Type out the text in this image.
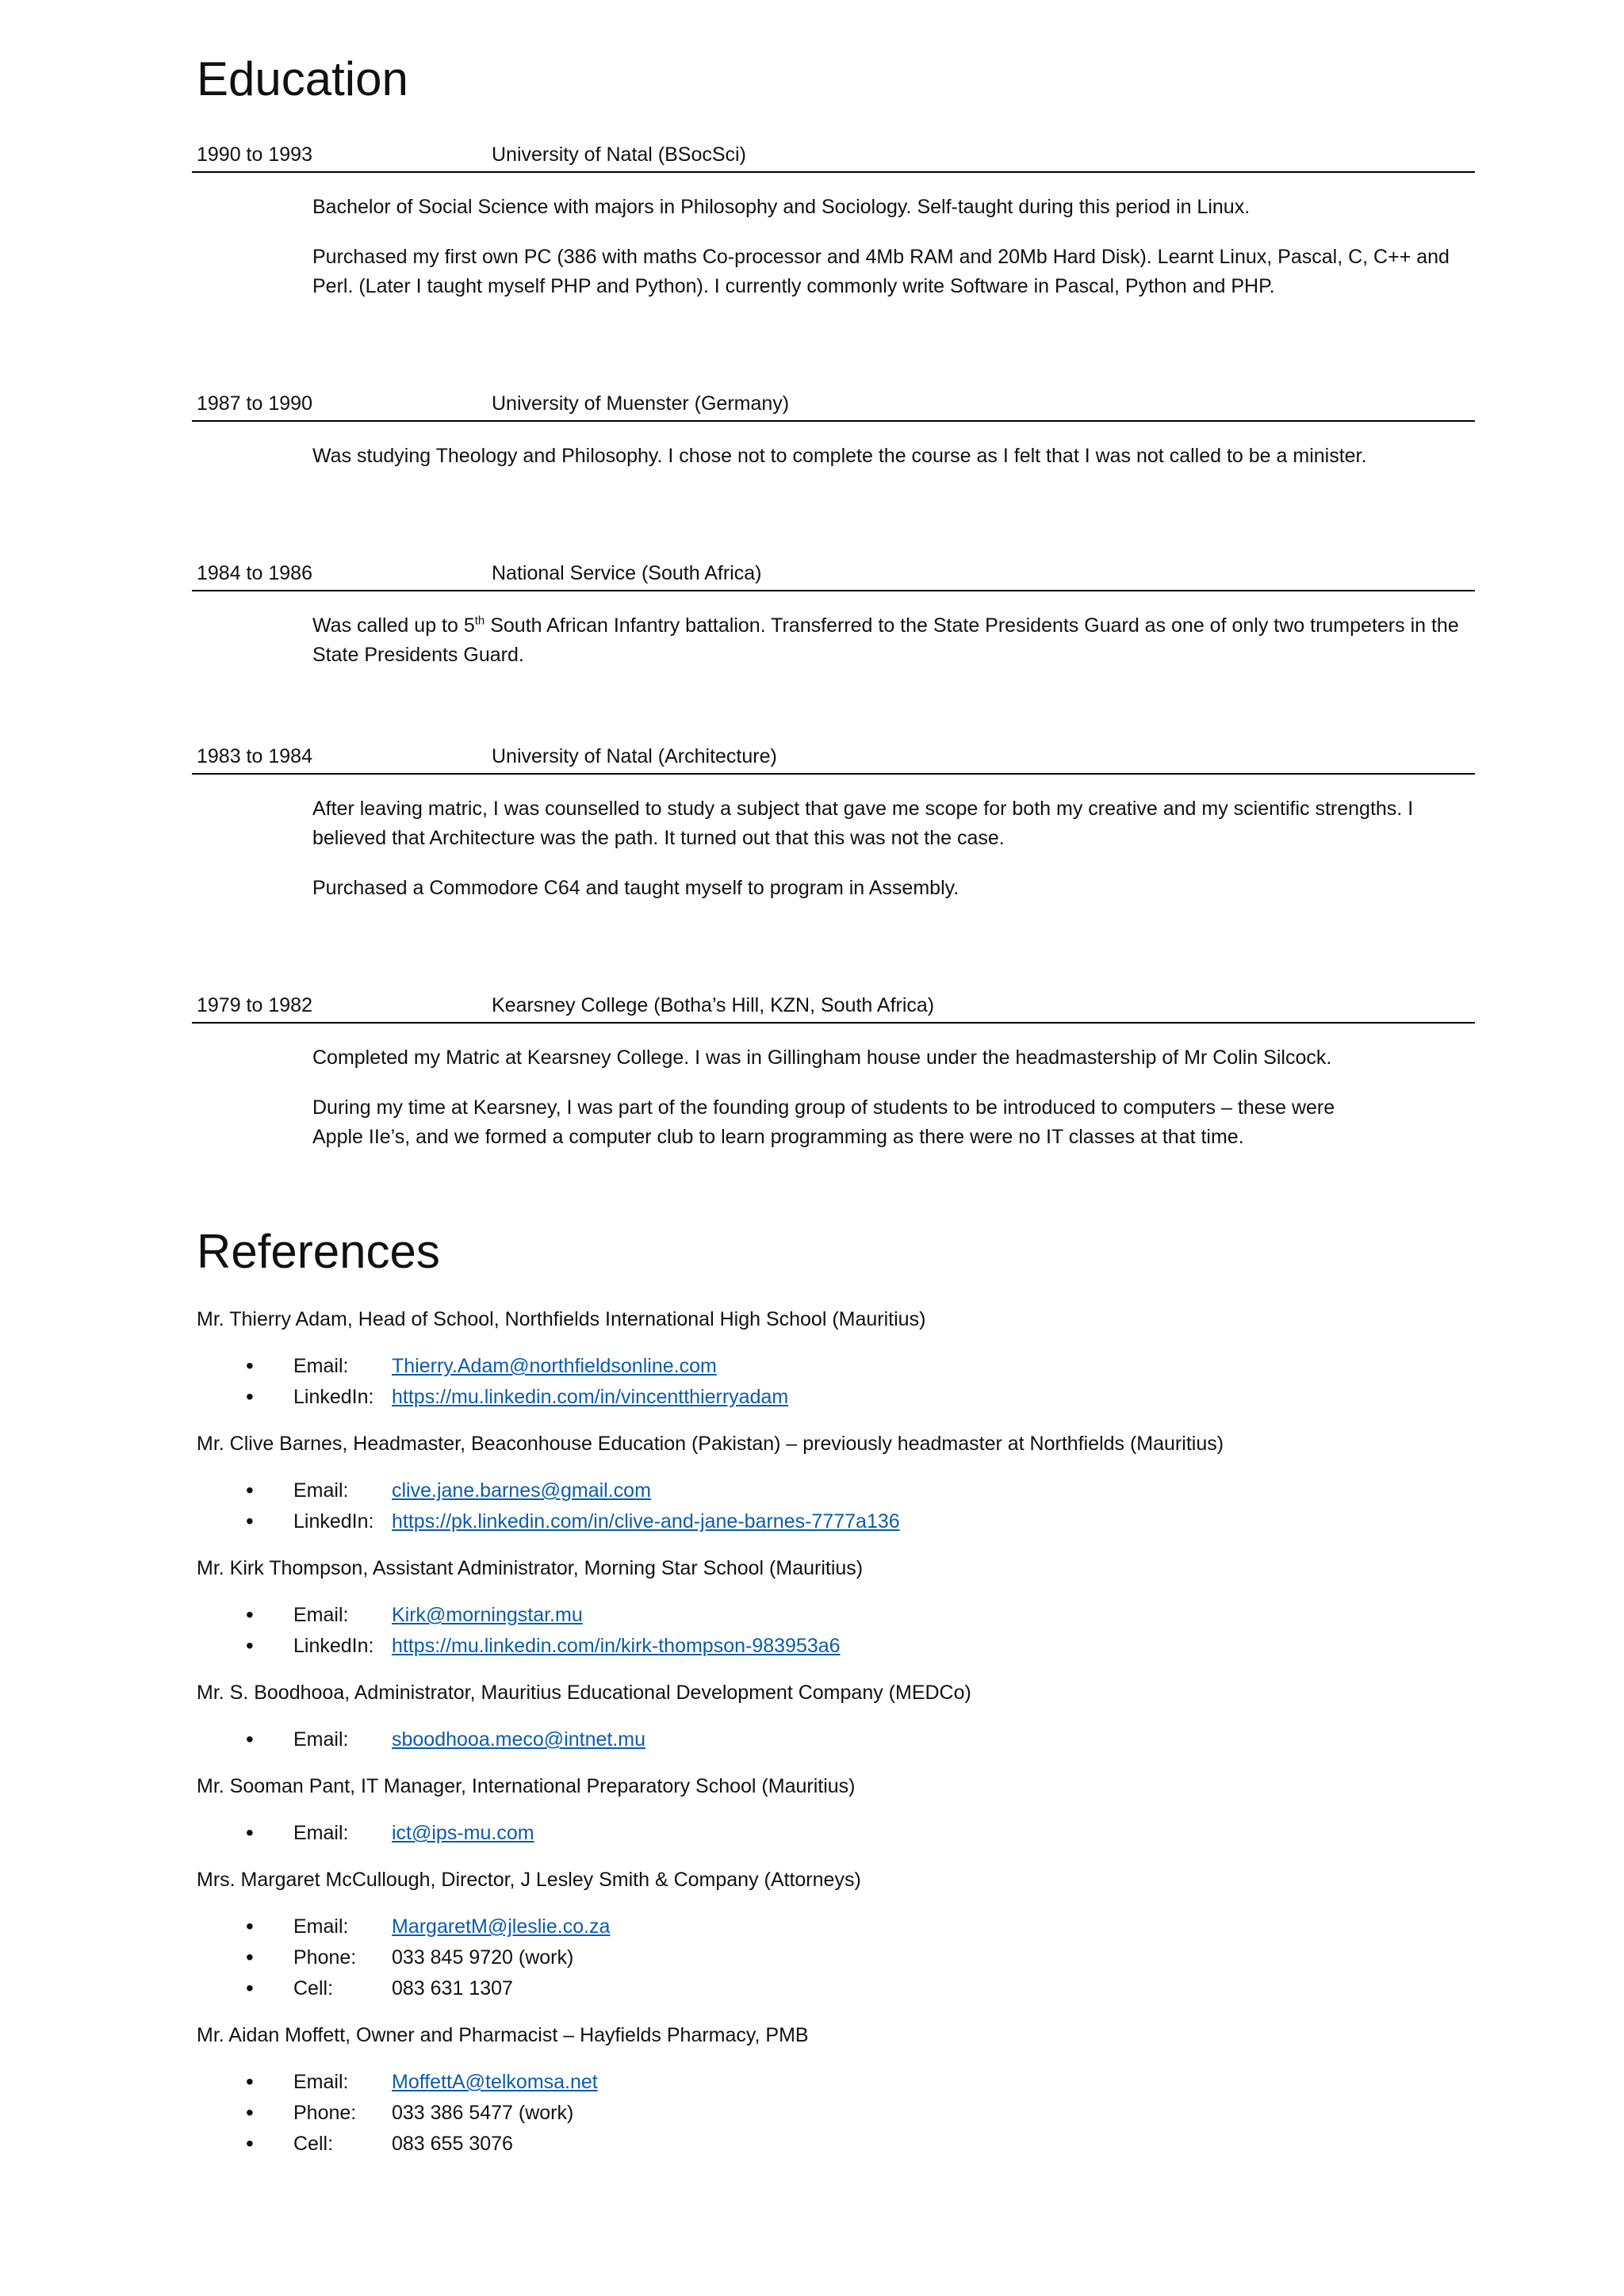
Education
1990 to 1993	University of Natal (BSocSci)

Bachelor of Social Science with majors in Philosophy and Sociology. Self-taught during this period in Linux.

Purchased my first own PC (386 with maths Co-processor and 4Mb RAM and 20Mb Hard Disk). Learnt Linux, Pascal, C, C++ and Perl. (Later I taught myself PHP and Python). I currently commonly write Software in Pascal, Python and PHP.

1987 to 1990	University of Muenster (Germany)

Was studying Theology and Philosophy. I chose not to complete the course as I felt that I was not called to be a minister.

1984 to 1986	National Service (South Africa)

Was called up to 5th South African Infantry battalion. Transferred to the State Presidents Guard as one of only two trumpeters in the State Presidents Guard.

1983 to 1984	University of Natal (Architecture)

After leaving matric, I was counselled to study a subject that gave me scope for both my creative and my scientific strengths. I believed that Architecture was the path. It turned out that this was not the case.

Purchased a Commodore C64 and taught myself to program in Assembly.

1979 to 1982	Kearsney College (Botha’s Hill, KZN, South Africa)

Completed my Matric at Kearsney College. I was in Gillingham house under the headmastership of Mr Colin Silcock.

During my time at Kearsney, I was part of the founding group of students to be introduced to computers – these were Apple IIe’s, and we formed a computer club to learn programming as there were no IT classes at that time.

References

Mr. Thierry Adam, Head of School, Northfields International High School (Mauritius)

•
Email:	Thierry.Adam@northfieldsonline.com
•
LinkedIn: https://mu.linkedin.com/in/vincentthierryadam

Mr. Clive Barnes, Headmaster, Beaconhouse Education (Pakistan) – previously headmaster at Northfields (Mauritius)

•
Email:	clive.jane.barnes@gmail.com
•
LinkedIn: https://pk.linkedin.com/in/clive-and-jane-barnes-7777a136

Mr. Kirk Thompson, Assistant Administrator, Morning Star School (Mauritius)

•
Email:	Kirk@morningstar.mu
•
LinkedIn: https://mu.linkedin.com/in/kirk-thompson-983953a6

Mr. S. Boodhooa, Administrator, Mauritius Educational Development Company (MEDCo)

•
Email:	sboodhooa.meco@intnet.mu

Mr. Sooman Pant, IT Manager, International Preparatory School (Mauritius)

•
Email:	ict@ips-mu.com

Mrs. Margaret McCullough, Director, J Lesley Smith & Company (Attorneys)

•
Email:	MargaretM@jleslie.co.za
•
Phone:	033 845 9720 (work)
•
Cell:	083 631 1307

Mr. Aidan Moffett, Owner and Pharmacist – Hayfields Pharmacy, PMB

•
Email:	MoffettA@telkomsa.net
•
Phone:	033 386 5477 (work)
•
Cell:	083 655 3076
